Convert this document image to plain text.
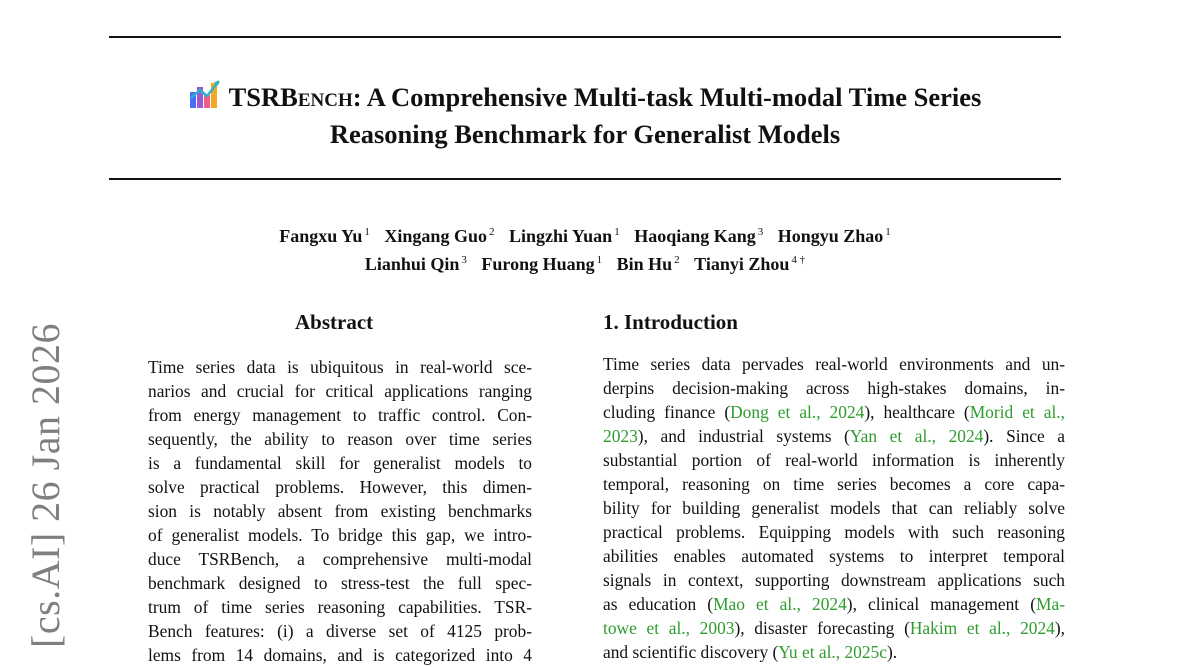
[cs.AI] 26 Jan 2026
TSRBench: A Comprehensive Multi-task Multi-modal Time Series
Reasoning Benchmark for Generalist Models
Fangxu Yu $^1$ Xingang Guo $^2$ Lingzhi Yuan $^1$ Haoqiang Kang $^3$ Hongyu Zhao $^1$
Lianhui Qin $^3$ Furong Huang $^1$ Bin Hu $^2$ Tianyi Zhou $^{4 \dagger}$
Abstract
Time series data is ubiquitous in real-world sce-
narios and crucial for critical applications ranging
from energy management to traffic control. Con-
sequently, the ability to reason over time series
is a fundamental skill for generalist models to
solve practical problems. However, this dimen-
sion is notably absent from existing benchmarks
of generalist models. To bridge this gap, we intro-
duce TSRBench, a comprehensive multi-modal
benchmark designed to stress-test the full spec-
trum of time series reasoning capabilities. TSR-
Bench features: (i) a diverse set of 4125 prob-
lems from 14 domains, and is categorized into 4
1. Introduction
Time series data pervades real-world environments and un-
derpins decision-making across high-stakes domains, in-
cluding finance (Dong et al., 2024), healthcare (Morid et al.,
2023), and industrial systems (Yan et al., 2024). Since a
substantial portion of real-world information is inherently
temporal, reasoning on time series becomes a core capa-
bility for building generalist models that can reliably solve
practical problems. Equipping models with such reasoning
abilities enables automated systems to interpret temporal
signals in context, supporting downstream applications such
as education (Mao et al., 2024), clinical management (Ma-
towe et al., 2003), disaster forecasting (Hakim et al., 2024),
and scientific discovery (Yu et al., 2025c).
